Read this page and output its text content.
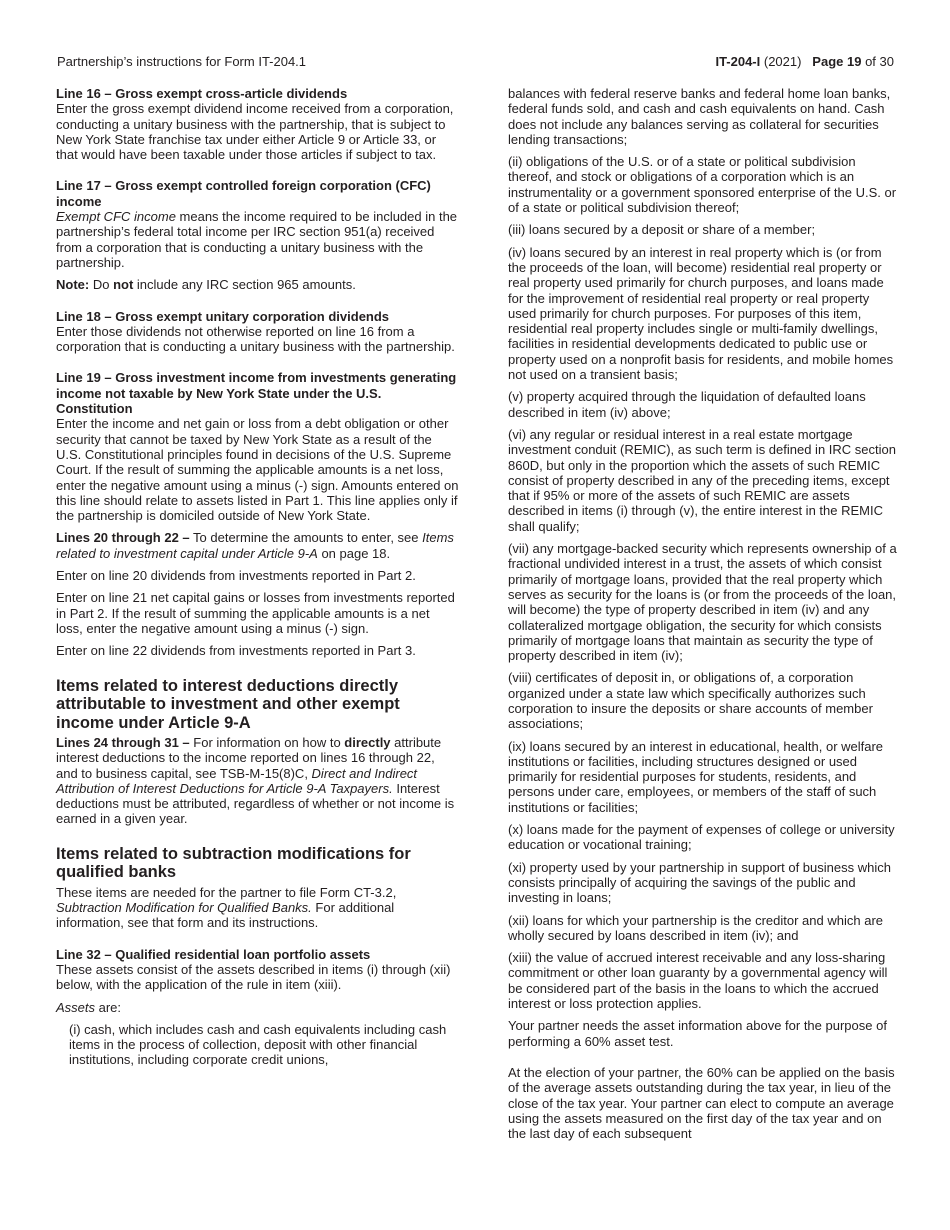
Partnership’s instructions for Form IT-204.1	IT-204-I (2021) Page 19 of 30

Line 16 – Gross exempt cross-article dividends

Enter the gross exempt dividend income received from a corporation, conducting a unitary business with the partnership, that is subject to New York State franchise tax under either Article 9 or Article 33, or that would have been taxable under those articles if subject to tax.

Line 17 – Gross exempt controlled foreign corporation (CFC) income

Exempt CFC income means the income required to be included in the partnership’s federal total income per IRC section 951(a) received from a corporation that is conducting a unitary business with the partnership.

Note: Do not include any IRC section 965 amounts.

Line 18 – Gross exempt unitary corporation dividends

Enter those dividends not otherwise reported on line 16 from a corporation that is conducting a unitary business with the partnership.

Line 19 – Gross investment income from investments generating income not taxable by New York State under the U.S. Constitution

Enter the income and net gain or loss from a debt obligation or other security that cannot be taxed by New York State as a result of the U.S. Constitutional principles found in decisions of the U.S. Supreme Court. If the result of summing the applicable amounts is a net loss, enter the negative amount using a minus (-) sign. Amounts entered on this line should relate to assets listed in Part 1. This line applies only if the partnership is domiciled outside of New York State.

Lines 20 through 22 – To determine the amounts to enter, see Items related to investment capital under Article 9-A on page 18.

Enter on line 20 dividends from investments reported in Part 2.

Enter on line 21 net capital gains or losses from investments reported in Part 2. If the result of summing the applicable amounts is a net loss, enter the negative amount using a minus (-) sign.

Enter on line 22 dividends from investments reported in Part 3.

Items related to interest deductions directly attributable to investment and other exempt income under Article 9-A

Lines 24 through 31 – For information on how to directly attribute interest deductions to the income reported on lines 16 through 22, and to business capital, see TSB-M-15(8)C, Direct and Indirect Attribution of Interest Deductions for Article 9-A Taxpayers. Interest deductions must be attributed, regardless of whether or not income is earned in a given year.

Items related to subtraction modifications for qualified banks

These items are needed for the partner to file Form CT-3.2, Subtraction Modification for Qualified Banks. For additional information, see that form and its instructions.

Line 32 – Qualified residential loan portfolio assets

These assets consist of the assets described in items (i) through (xii) below, with the application of the rule in item (xiii).

Assets are:

(i) cash, which includes cash and cash equivalents including cash items in the process of collection, deposit with other financial institutions, including corporate credit unions,

balances with federal reserve banks and federal home loan banks, federal funds sold, and cash and cash equivalents on hand. Cash does not include any balances serving as collateral for securities lending transactions;

(ii) obligations of the U.S. or of a state or political subdivision thereof, and stock or obligations of a corporation which is an instrumentality or a government sponsored enterprise of the U.S. or of a state or political subdivision thereof;

(iii) loans secured by a deposit or share of a member;

(iv) loans secured by an interest in real property which is (or from the proceeds of the loan, will become) residential real property or real property used primarily for church purposes, and loans made for the improvement of residential real property or real property used primarily for church purposes. For purposes of this item, residential real property includes single or multi-family dwellings, facilities in residential developments dedicated to public use or property used on a nonprofit basis for residents, and mobile homes not used on a transient basis;

(v) property acquired through the liquidation of defaulted loans described in item (iv) above;

(vi) any regular or residual interest in a real estate mortgage investment conduit (REMIC), as such term is defined in IRC section 860D, but only in the proportion which the assets of such REMIC consist of property described in any of the preceding items, except that if 95% or more of the assets of such REMIC are assets described in items (i) through (v), the entire interest in the REMIC shall qualify;

(vii) any mortgage-backed security which represents ownership of a fractional undivided interest in a trust, the assets of which consist primarily of mortgage loans, provided that the real property which serves as security for the loans is (or from the proceeds of the loan, will become) the type of property described in item (iv) and any collateralized mortgage obligation, the security for which consists primarily of mortgage loans that maintain as security the type of property described in item (iv);

(viii) certificates of deposit in, or obligations of, a corporation organized under a state law which specifically authorizes such corporation to insure the deposits or share accounts of member associations;

(ix) loans secured by an interest in educational, health, or welfare institutions or facilities, including structures designed or used primarily for residential purposes for students, residents, and persons under care, employees, or members of the staff of such institutions or facilities;

(x) loans made for the payment of expenses of college or university education or vocational training;

(xi) property used by your partnership in support of business which consists principally of acquiring the savings of the public and investing in loans;

(xii) loans for which your partnership is the creditor and which are wholly secured by loans described in item (iv); and

(xiii) the value of accrued interest receivable and any loss-sharing commitment or other loan guaranty by a governmental agency will be considered part of the basis in the loans to which the accrued interest or loss protection applies.

Your partner needs the asset information above for the purpose of performing a 60% asset test.

At the election of your partner, the 60% can be applied on the basis of the average assets outstanding during the tax year, in lieu of the close of the tax year. Your partner can elect to compute an average using the assets measured on the first day of the tax year and on the last day of each subsequent
